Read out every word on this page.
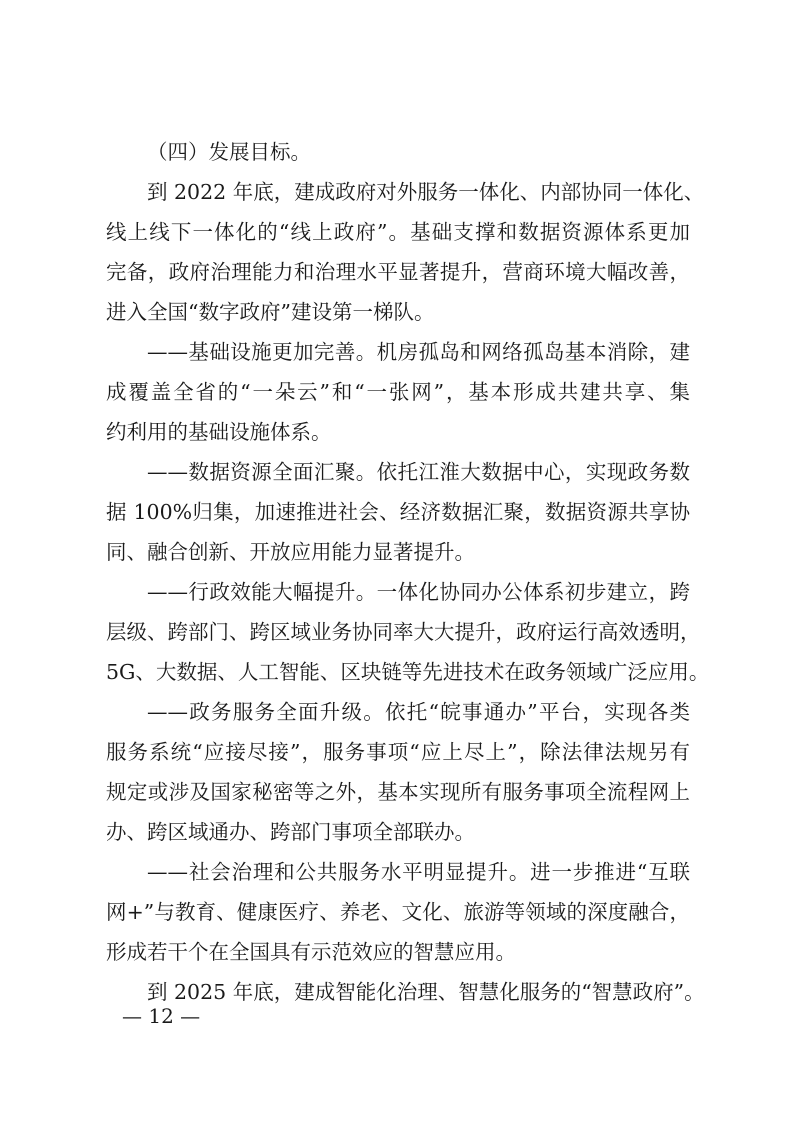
（四）发展目标。
到 2022 年底，建成政府对外服务一体化、内部协同一体化、
线上线下一体化的“线上政府”。基础支撑和数据资源体系更加
完备，政府治理能力和治理水平显著提升，营商环境大幅改善，
进入全国“数字政府”建设第一梯队。
——基础设施更加完善。机房孤岛和网络孤岛基本消除，建
成覆盖全省的“一朵云”和“一张网”，基本形成共建共享、集
约利用的基础设施体系。
——数据资源全面汇聚。依托江淮大数据中心，实现政务数
据 100%归集，加速推进社会、经济数据汇聚，数据资源共享协
同、融合创新、开放应用能力显著提升。
——行政效能大幅提升。一体化协同办公体系初步建立，跨
层级、跨部门、跨区域业务协同率大大提升，政府运行高效透明，
5G、大数据、人工智能、区块链等先进技术在政务领域广泛应用。
——政务服务全面升级。依托“皖事通办”平台，实现各类
服务系统“应接尽接”，服务事项“应上尽上”，除法律法规另有
规定或涉及国家秘密等之外，基本实现所有服务事项全流程网上
办、跨区域通办、跨部门事项全部联办。
——社会治理和公共服务水平明显提升。进一步推进“互联
网+”与教育、健康医疗、养老、文化、旅游等领域的深度融合，
形成若干个在全国具有示范效应的智慧应用。
到 2025 年底，建成智能化治理、智慧化服务的“智慧政府”。
— 12 —
